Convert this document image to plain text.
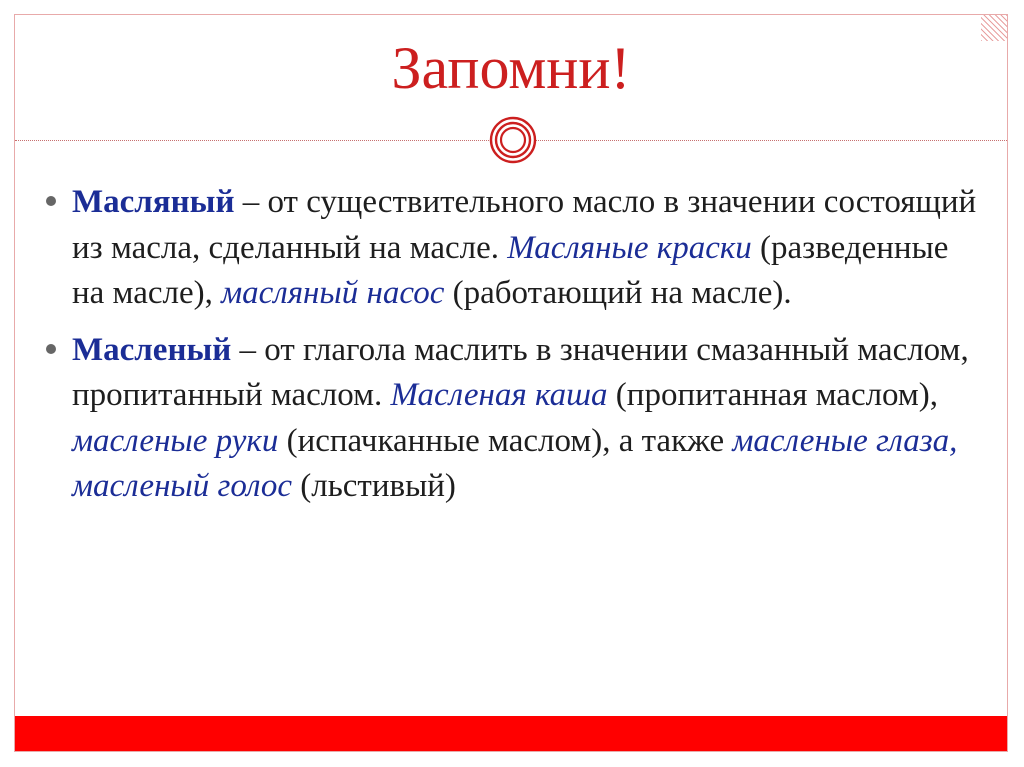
Запомни!

Масляный – от существительного масло в значении состоящий из масла, сделанный на масле. Масляные краски (разведенные на масле), масляный насос (работающий на масле).

Масленый – от глагола маслить в значении смазанный маслом, пропитанный маслом. Масленая каша (пропитанная маслом), масленые руки (испачканные маслом), а также масленые глаза, масленый голос (льстивый)
